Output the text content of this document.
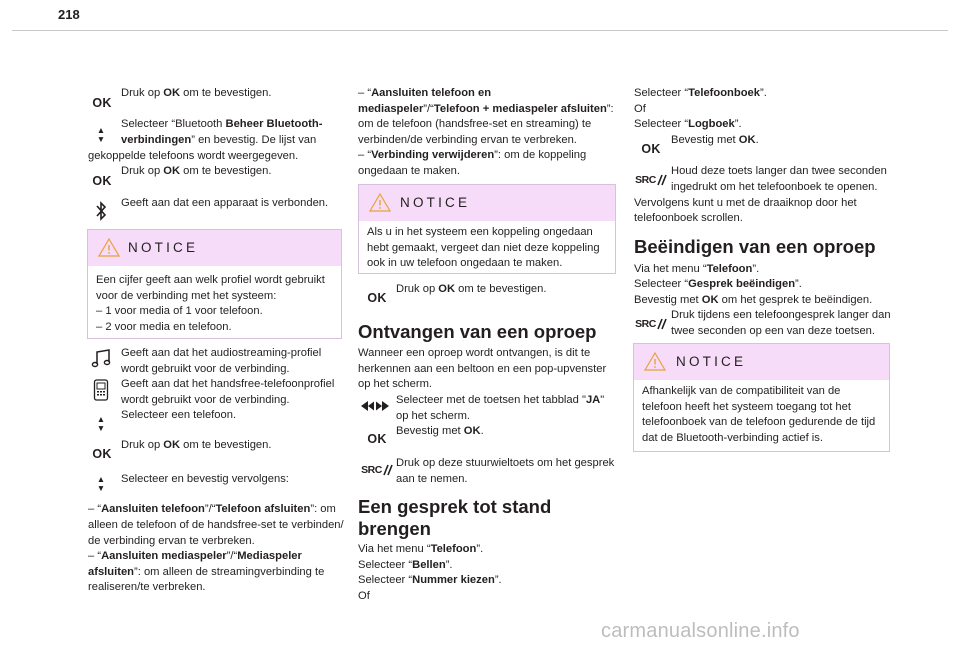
218
OK
Druk op OK om te bevestigen.
▲
▼
Selecteer “Bluetooth Beheer Bluetooth-
verbindingen” en bevestig. De lijst van
gekoppelde telefoons wordt weergegeven.
OK
Druk op OK om te bevestigen.
Geeft aan dat een apparaat is verbonden.
NOTICE
Een cijfer geeft aan welk profiel wordt gebruikt
voor de verbinding met het systeem:
– 1 voor media of 1 voor telefoon.
– 2 voor media en telefoon.
Geeft aan dat het audiostreaming-profiel
wordt gebruikt voor de verbinding.
Geeft aan dat het handsfree-telefoonprofiel
wordt gebruikt voor de verbinding.
▲
▼
Selecteer een telefoon.
OK
Druk op OK om te bevestigen.
▲
▼
Selecteer en bevestig vervolgens:
– “Aansluiten telefoon”/“Telefoon afsluiten”: om
alleen de telefoon of de handsfree-set te verbinden/
de verbinding ervan te verbreken.
– “Aansluiten mediaspeler”/“Mediaspeler
afsluiten”: om alleen de streamingverbinding te
realiseren/te verbreken.
– “Aansluiten telefoon en
mediaspeler”/“Telefoon + mediaspeler afsluiten”:
om de telefoon (handsfree-set en streaming) te
verbinden/de verbinding ervan te verbreken.
– “Verbinding verwijderen”: om de koppeling
ongedaan te maken.
NOTICE
Als u in het systeem een koppeling ongedaan
hebt gemaakt, vergeet dan niet deze koppeling
ook in uw telefoon ongedaan te maken.
OK
Druk op OK om te bevestigen.
Ontvangen van een oproep
Wanneer een oproep wordt ontvangen, is dit te
herkennen aan een beltoon en een pop-upvenster
op het scherm.
Selecteer met de toetsen het tabblad "JA"
op het scherm.
OK
Bevestig met OK.
SRC
Druk op deze stuurwieltoets om het gesprek
aan te nemen.
Een gesprek tot stand
brengen
Via het menu “Telefoon”.
Selecteer “Bellen”.
Selecteer “Nummer kiezen”.
Of
Selecteer “Telefoonboek”.
Of
Selecteer “Logboek”.
OK
Bevestig met OK.
SRC
Houd deze toets langer dan twee seconden
ingedrukt om het telefoonboek te openen.
Vervolgens kunt u met de draaiknop door het
telefoonboek scrollen.
Beëindigen van een oproep
Via het menu “Telefoon”.
Selecteer “Gesprek beëindigen”.
Bevestig met OK om het gesprek te beëindigen.
SRC
Druk tijdens een telefoongesprek langer dan
twee seconden op een van deze toetsen.
NOTICE
Afhankelijk van de compatibiliteit van de
telefoon heeft het systeem toegang tot het
telefoonboek van de telefoon gedurende de tijd
dat de Bluetooth-verbinding actief is.
carmanualsonline.info
